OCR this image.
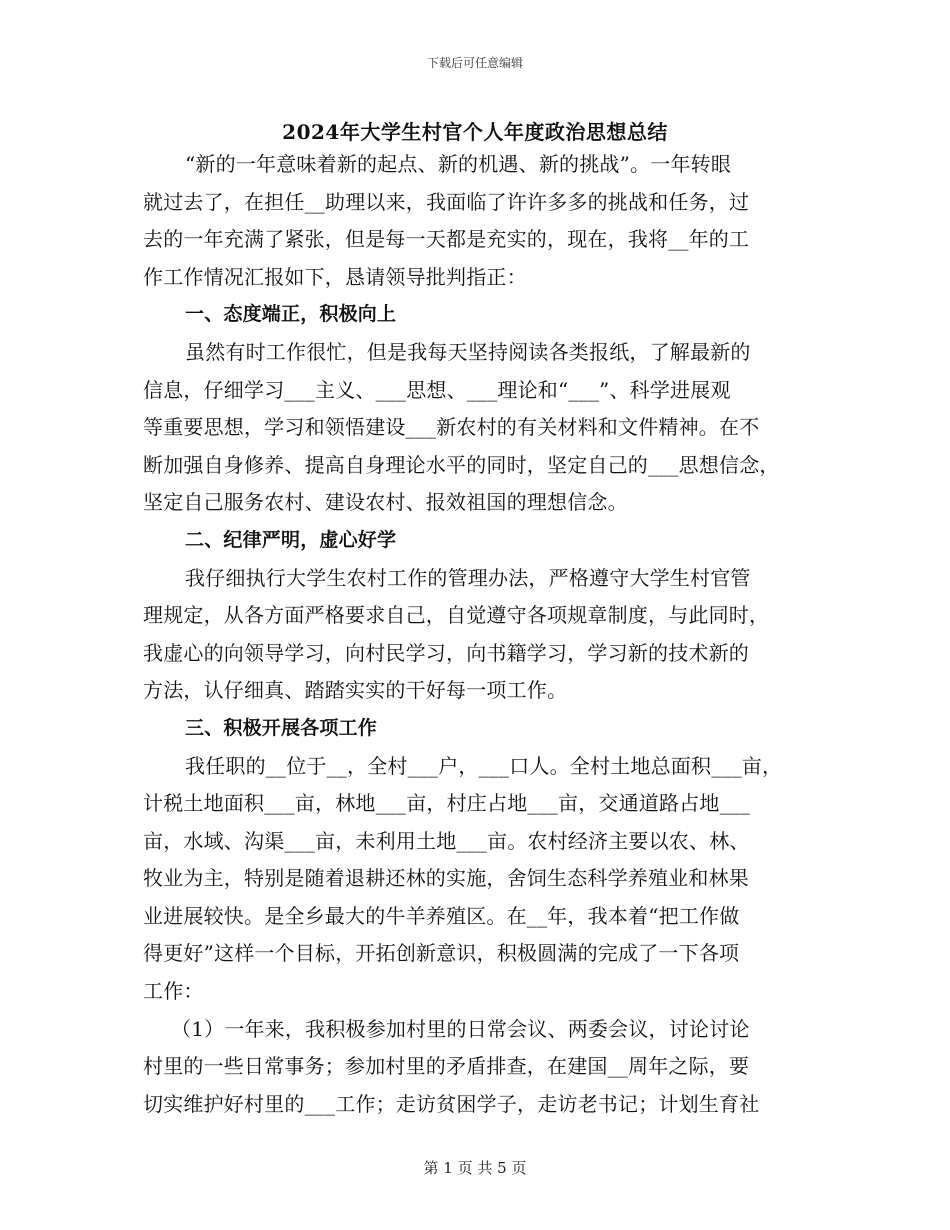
下载后可任意编辑
2024年大学生村官个人年度政治思想总结
“新的一年意味着新的起点、新的机遇、新的挑战”。一年转眼
就过去了，在担任__助理以来，我面临了许许多多的挑战和任务，过
去的一年充满了紧张，但是每一天都是充实的，现在，我将__年的工
作工作情况汇报如下，恳请领导批判指正：
一、态度端正，积极向上
虽然有时工作很忙，但是我每天坚持阅读各类报纸，了解最新的
信息，仔细学习___主义、___思想、___理论和“___”、科学进展观
等重要思想，学习和领悟建设___新农村的有关材料和文件精神。在不
断加强自身修养、提高自身理论水平的同时，坚定自己的___思想信念，
坚定自己服务农村、建设农村、报效祖国的理想信念。
二、纪律严明，虚心好学
我仔细执行大学生农村工作的管理办法，严格遵守大学生村官管
理规定，从各方面严格要求自己，自觉遵守各项规章制度，与此同时，
我虚心的向领导学习，向村民学习，向书籍学习，学习新的技术新的
方法，认仔细真、踏踏实实的干好每一项工作。
三、积极开展各项工作
我任职的__位于__，全村___户，___口人。全村土地总面积___亩，
计税土地面积___亩，林地___亩，村庄占地___亩，交通道路占地___
亩，水域、沟渠___亩，未利用土地___亩。农村经济主要以农、林、
牧业为主，特别是随着退耕还林的实施，舍饲生态科学养殖业和林果
业进展较快。是全乡最大的牛羊养殖区。在__年，我本着“把工作做
得更好”这样一个目标，开拓创新意识，积极圆满的完成了一下各项
工作：
（1）一年来，我积极参加村里的日常会议、两委会议，讨论讨论
村里的一些日常事务；参加村里的矛盾排查，在建国__周年之际，要
切实维护好村里的___工作；走访贫困学子，走访老书记；计划生育社
第 1 页 共 5 页
